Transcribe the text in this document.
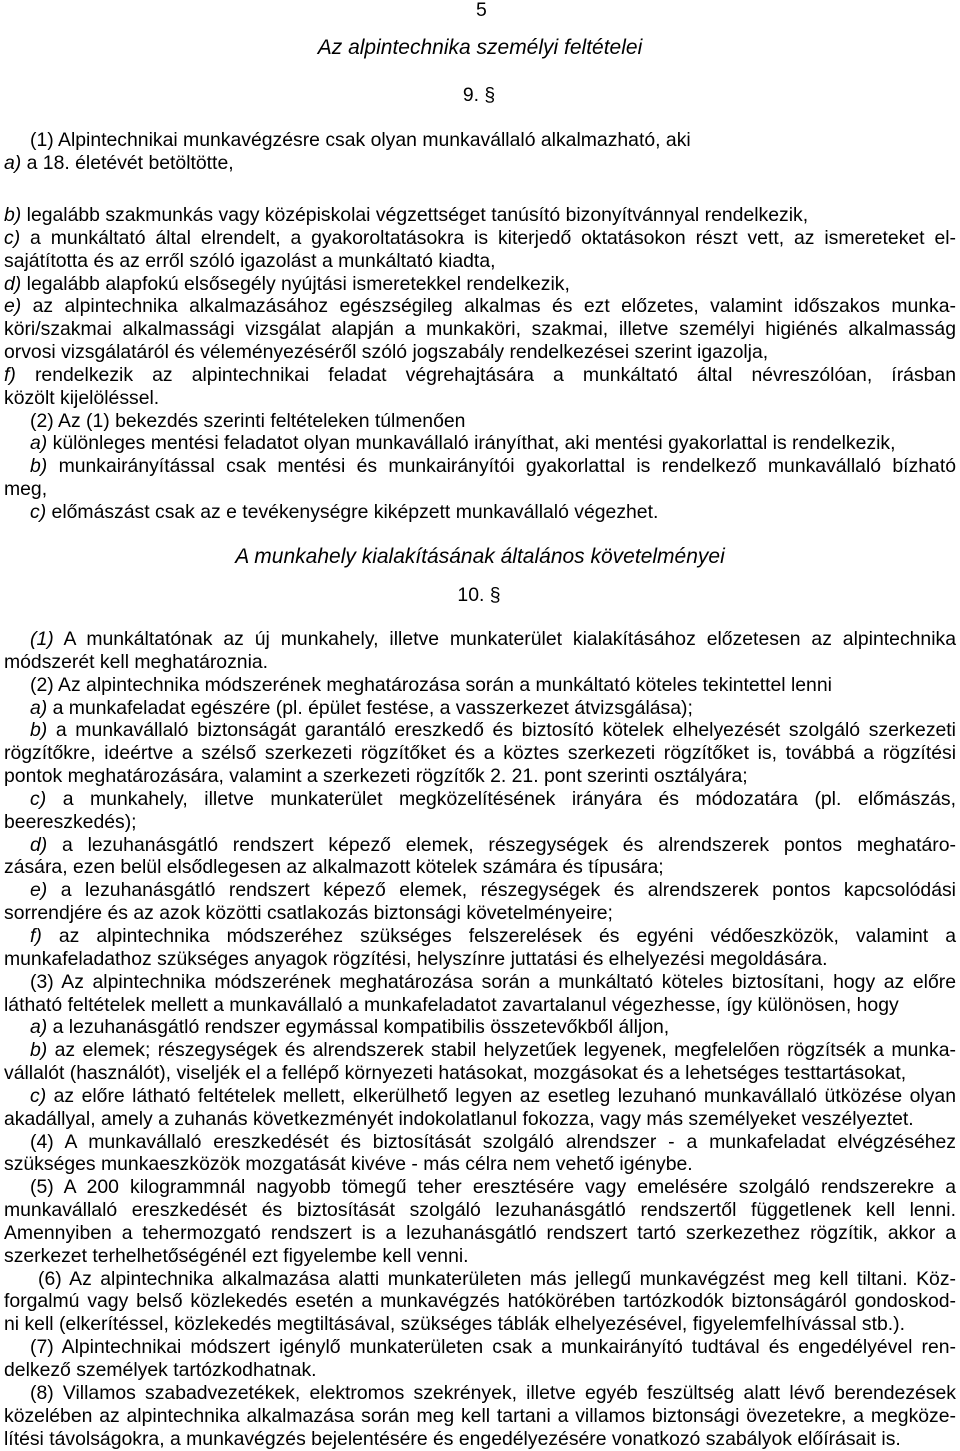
5
Az alpintechnika személyi feltételei
9. §
(1) Alpintechnikai munkavégzésre csak olyan munkavállaló alkalmazható, aki
a) a 18. életévét betöltötte,
b) legalább szakmunkás vagy középiskolai végzettséget tanúsító bizonyítvánnyal rendelkezik,
c) a munkáltató által elrendelt, a gyakoroltatásokra is kiterjedő oktatásokon részt vett, az ismereteket el-
sajátította és az erről szóló igazolást a munkáltató kiadta,
d) legalább alapfokú elsősegély nyújtási ismeretekkel rendelkezik,
e) az alpintechnika alkalmazásához egészségileg alkalmas és ezt előzetes, valamint időszakos munka-
köri/szakmai alkalmassági vizsgálat alapján a munkaköri, szakmai, illetve személyi higiénés alkalmasság
orvosi vizsgálatáról és véleményezéséről szóló jogszabály rendelkezései szerint igazolja,
f) rendelkezik az alpintechnikai feladat végrehajtására a munkáltató által névreszólóan, írásban
közölt kijelöléssel.
(2) Az (1) bekezdés szerinti feltételeken túlmenően
a) különleges mentési feladatot olyan munkavállaló irányíthat, aki mentési gyakorlattal is rendelkezik,
b) munkairányítással csak mentési és munkairányítói gyakorlattal is rendelkező munkavállaló bízható
meg,
c) előmászást csak az e tevékenységre kiképzett munkavállaló végezhet.
A munkahely kialakításának általános követelményei
10. §
(1) A munkáltatónak az új munkahely, illetve munkaterület kialakításához előzetesen az alpintechnika
módszerét kell meghatároznia.
(2) Az alpintechnika módszerének meghatározása során a munkáltató köteles tekintettel lenni
a) a munkafeladat egészére (pl. épület festése, a vasszerkezet átvizsgálása);
b) a munkavállaló biztonságát garantáló ereszkedő és biztosító kötelek elhelyezését szolgáló szerkezeti
rögzítőkre, ideértve a szélső szerkezeti rögzítőket és a köztes szerkezeti rögzítőket is, továbbá a rögzítési
pontok meghatározására, valamint a szerkezeti rögzítők 2. 21. pont szerinti osztályára;
c) a munkahely, illetve munkaterület megközelítésének irányára és módozatára (pl. előmászás,
beereszkedés);
d) a lezuhanásgátló rendszert képező elemek, részegységek és alrendszerek pontos meghatáro-
zására, ezen belül elsődlegesen az alkalmazott kötelek számára és típusára;
e) a lezuhanásgátló rendszert képező elemek, részegységek és alrendszerek pontos kapcsolódási
sorrendjére és az azok közötti csatlakozás biztonsági követelményeire;
f) az alpintechnika módszeréhez szükséges felszerelések és egyéni védőeszközök, valamint a
munkafeladathoz szükséges anyagok rögzítési, helyszínre juttatási és elhelyezési megoldására.
(3) Az alpintechnika módszerének meghatározása során a munkáltató köteles biztosítani, hogy az előre
látható feltételek mellett a munkavállaló a munkafeladatot zavartalanul végezhesse, így különösen, hogy
a) a lezuhanásgátló rendszer egymással kompatibilis összetevőkből álljon,
b) az elemek; részegységek és alrendszerek stabil helyzetűek legyenek, megfelelően rögzítsék a munka-
vállalót (használót), viseljék el a fellépő környezeti hatásokat, mozgásokat és a lehetséges testtartásokat,
c) az előre látható feltételek mellett, elkerülhető legyen az esetleg lezuhanó munkavállaló ütközése olyan
akadállyal, amely a zuhanás következményét indokolatlanul fokozza, vagy más személyeket veszélyeztet.
(4) A munkavállaló ereszkedését és biztosítását szolgáló alrendszer - a munkafeladat elvégzéséhez
szükséges munkaeszközök mozgatását kivéve - más célra nem vehető igénybe.
(5) A 200 kilogrammnál nagyobb tömegű teher eresztésére vagy emelésére szolgáló rendszerekre a
munkavállaló ereszkedését és biztosítását szolgáló lezuhanásgátló rendszertől függetlenek kell lenni.
Amennyiben a tehermozgató rendszert is a lezuhanásgátló rendszert tartó szerkezethez rögzítik, akkor a
szerkezet terhelhetőségénél ezt figyelembe kell venni.
(6) Az alpintechnika alkalmazása alatti munkaterületen más jellegű munkavégzést meg kell tiltani. Köz-
forgalmú vagy belső közlekedés esetén a munkavégzés hatókörében tartózkodók biztonságáról gondoskod-
ni kell (elkerítéssel, közlekedés megtiltásával, szükséges táblák elhelyezésével, figyelemfelhívással stb.).
(7) Alpintechnikai módszert igénylő munkaterületen csak a munkairányító tudtával és engedélyével ren-
delkező személyek tartózkodhatnak.
(8) Villamos szabadvezetékek, elektromos szekrények, illetve egyéb feszültség alatt lévő berendezések
közelében az alpintechnika alkalmazása során meg kell tartani a villamos biztonsági övezetekre, a megköze-
lítési távolságokra, a munkavégzés bejelentésére és engedélyezésére vonatkozó szabályok előírásait is.
